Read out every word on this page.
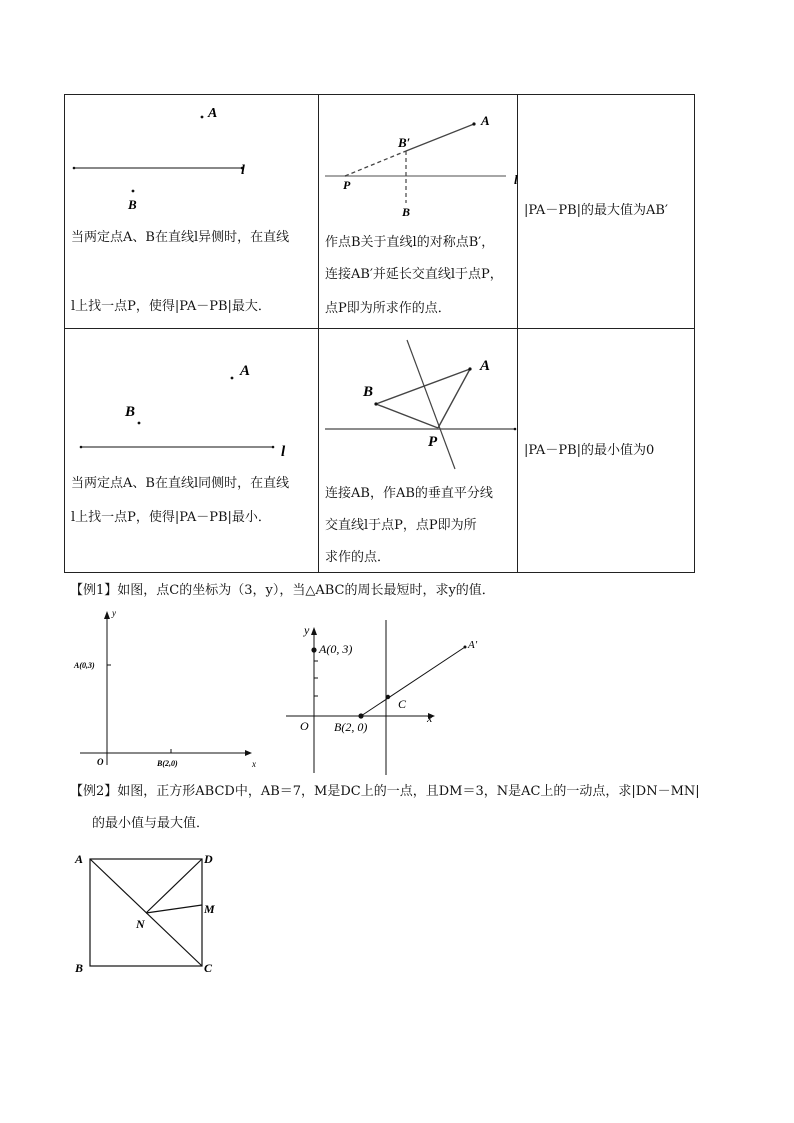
A
l
B
当两定点A、B在直线l异侧时，在直线
l上找一点P，使得|PA－PB|最大．
A
B′
P
B
l
作点B关于直线l的对称点B′，
连接AB′并延长交直线l于点P，
点P即为所求作的点．
|PA－PB|的最大值为AB′
A
B
l
当两定点A、B在直线l同侧时，在直线
l上找一点P，使得|PA－PB|最小．
A
B
P
连接AB，作AB的垂直平分线
交直线l于点P，点P即为所
求作的点．
|PA－PB|的最小值为0
【例1】如图，点C的坐标为（3，y），当△ABC的周长最短时，求y的值．
y
x
O
A(0,3)
B(2,0)
y
x
O
A(0, 3)
B(2, 0)
C
A′
【例2】如图，正方形ABCD中，AB＝7，M是DC上的一点，且DM＝3，N是AC上的一动点，求|DN－MN|
的最小值与最大值．
A	D
M
N
B	C
